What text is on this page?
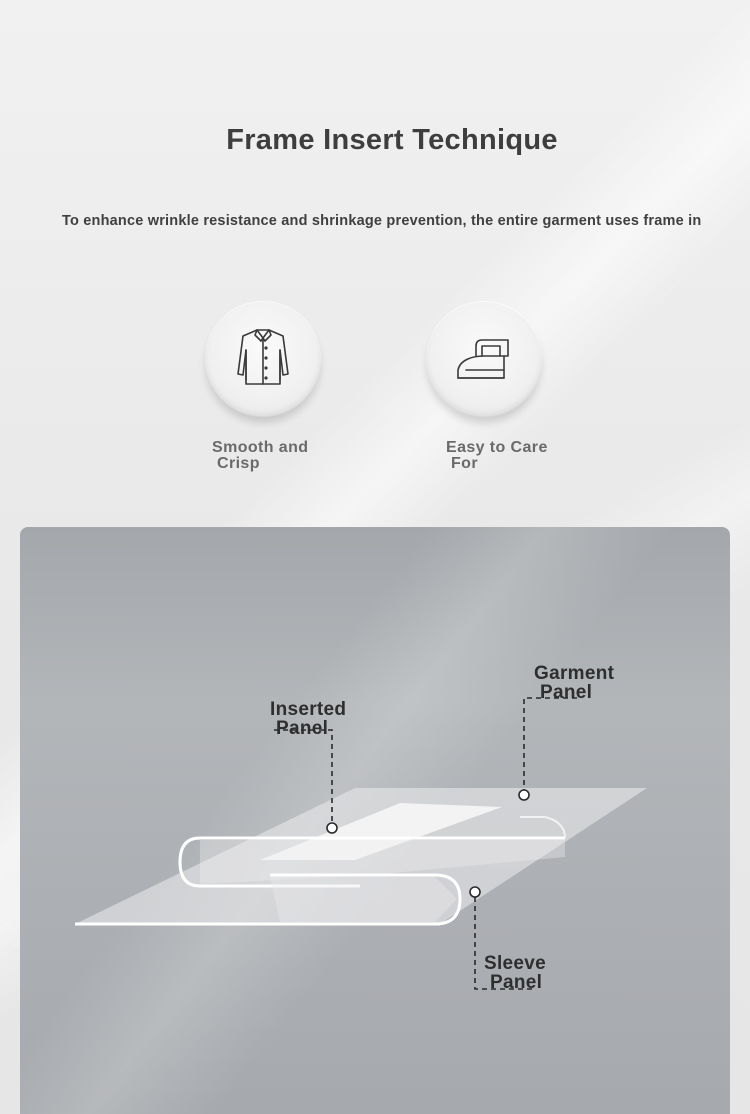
Frame Insert Technique

To enhance wrinkle resistance and shrinkage prevention, the entire garment uses frame in

Smooth and
Crisp
Easy to Care
For
Garment
Panel
Inserted
Panel
Sleeve
Panel
